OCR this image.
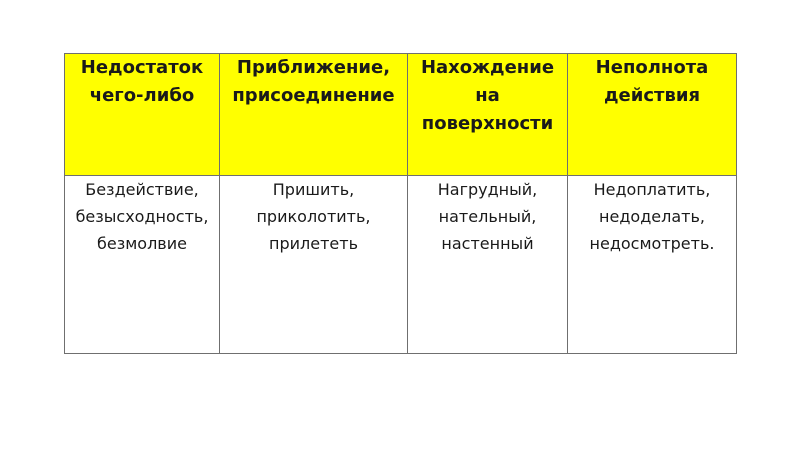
Недостаток чего-либо	Приближение, присоединение	Нахождение на поверхности	Неполнота действия

Бездействие, безысходность, безмолвие	Пришить, приколотить, прилететь	Нагрудный, нательный, настенный	Недоплатить, недоделать, недосмотреть.
